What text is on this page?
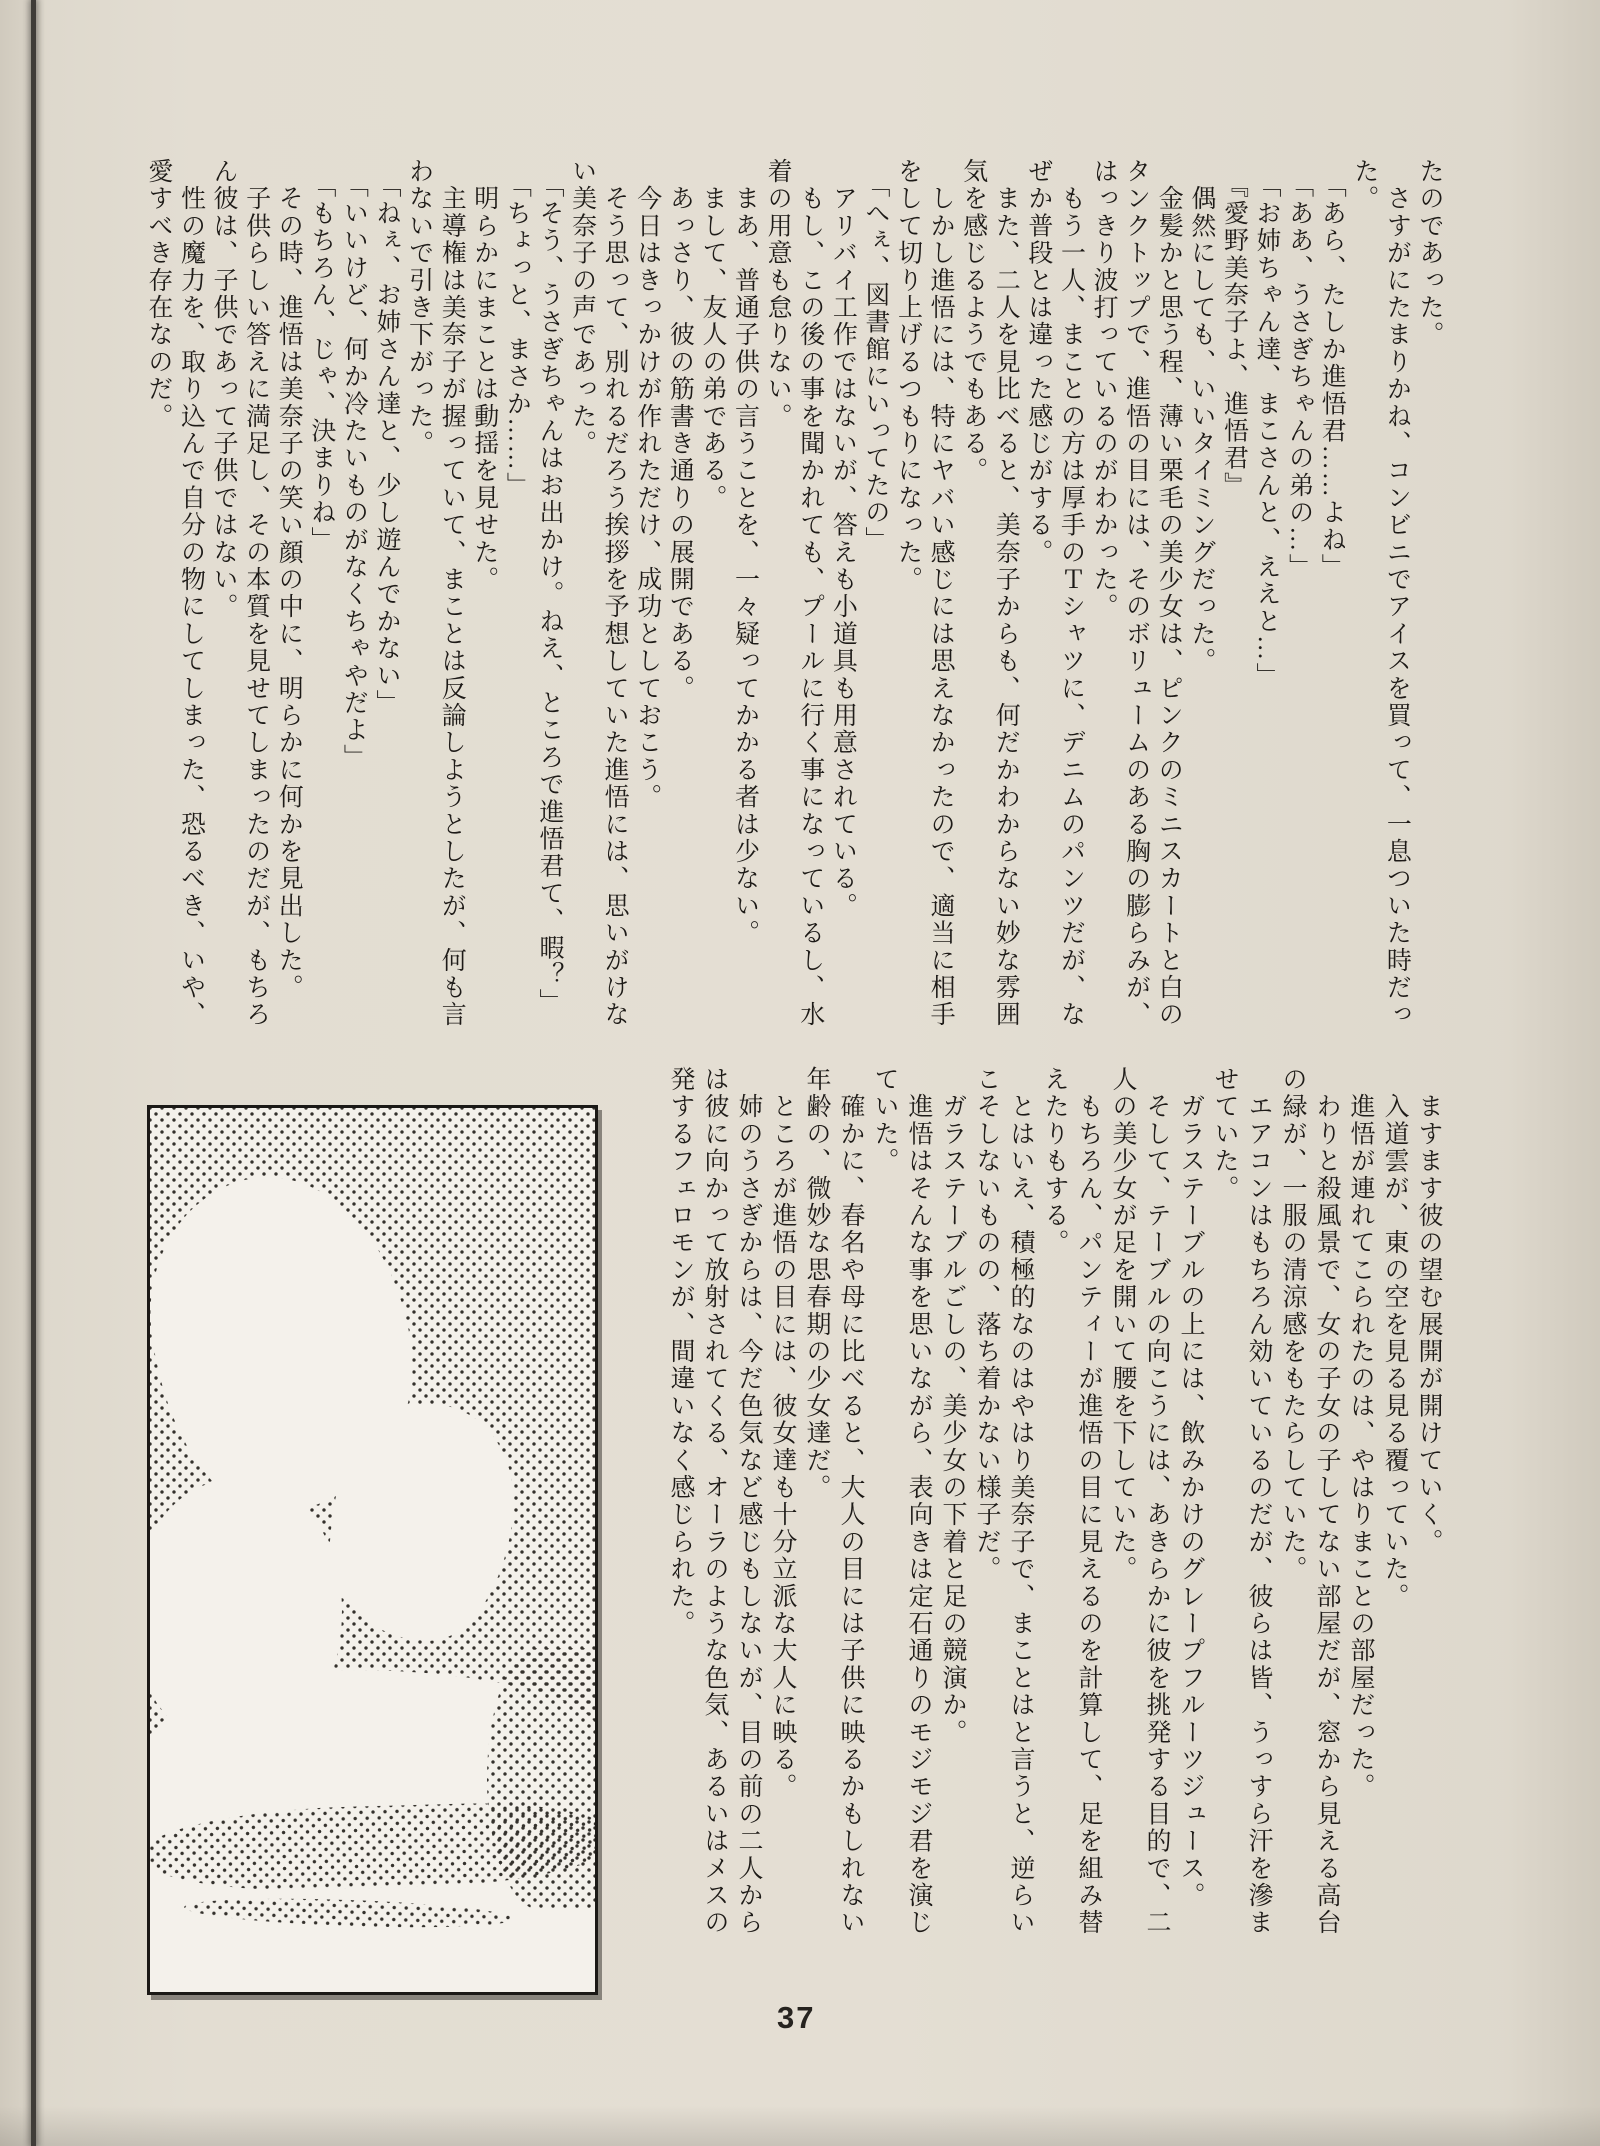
たのであった。

　さすがにたまりかね、コンビニでアイスを買って、一息ついた時だっ

た。

　「あら、たしか進悟君……よね」

　「ああ、うさぎちゃんの弟の…」

　「お姉ちゃん達、まこさんと、ええと…」

　『愛野美奈子よ、進悟君』

　偶然にしても、いいタイミングだった。

　金髪かと思う程、薄い栗毛の美少女は、ピンクのミニスカートと白の

タンクトップで、進悟の目には、そのボリュームのある胸の膨らみが、

はっきり波打っているのがわかった。

　もう一人、まことの方は厚手のＴシャツに、デニムのパンツだが、な

ぜか普段とは違った感じがする。

　また、二人を見比べると、美奈子からも、何だかわからない妙な雰囲

気を感じるようでもある。

　しかし進悟には、特にヤバい感じには思えなかったので、適当に相手

をして切り上げるつもりになった。

　「へぇ、図書館にいってたの」

　アリバイ工作ではないが、答えも小道具も用意されている。

　もし、この後の事を聞かれても、プールに行く事になっているし、水

着の用意も怠りない。

　まあ、普通子供の言うことを、一々疑ってかかる者は少ない。

　まして、友人の弟である。

　あっさり、彼の筋書き通りの展開である。

　今日はきっかけが作れただけ、成功としておこう。

　そう思って、別れるだろう挨拶を予想していた進悟には、思いがけな

い美奈子の声であった。

　「そう、うさぎちゃんはお出かけ。ねえ、ところで進悟君て、暇？」

　「ちょっと、まさか……」

　明らかにまことは動揺を見せた。

　主導権は美奈子が握っていて、まことは反論しようとしたが、何も言

わないで引き下がった。

　「ねぇ、お姉さん達と、少し遊んでかない」

　「いいけど、何か冷たいものがなくちゃやだよ」

　「もちろん、じゃ、決まりね」

　その時、進悟は美奈子の笑い顔の中に、明らかに何かを見出した。

　子供らしい答えに満足し、その本質を見せてしまったのだが、もちろ

ん彼は、子供であって子供ではない。

　性の魔力を、取り込んで自分の物にしてしまった、恐るべき、いや、

愛すべき存在なのだ。

　ますます彼の望む展開が開けていく。

　入道雲が、東の空を見る見る覆っていた。

　進悟が連れてこられたのは、やはりまことの部屋だった。

　わりと殺風景で、女の子女の子してない部屋だが、窓から見える高台

の緑が、一服の清涼感をもたらしていた。

　エアコンはもちろん効いているのだが、彼らは皆、うっすら汗を滲ま

せていた。

　ガラステーブルの上には、飲みかけのグレープフルーツジュース。

　そして、テーブルの向こうには、あきらかに彼を挑発する目的で、二

人の美少女が足を開いて腰を下していた。

　もちろん、パンティーが進悟の目に見えるのを計算して、足を組み替

えたりもする。

　とはいえ、積極的なのはやはり美奈子で、まことはと言うと、逆らい

こそしないものの、落ち着かない様子だ。

　ガラステーブルごしの、美少女の下着と足の競演か。

　進悟はそんな事を思いながら、表向きは定石通りのモジモジ君を演じ

ていた。

　確かに、春名や母に比べると、大人の目には子供に映るかもしれない

年齢の、微妙な思春期の少女達だ。

　ところが進悟の目には、彼女達も十分立派な大人に映る。

　姉のうさぎからは、今だ色気など感じもしないが、目の前の二人から

は彼に向かって放射されてくる、オーラのような色気、あるいはメスの

発するフェロモンが、間違いなく感じられた。

37
